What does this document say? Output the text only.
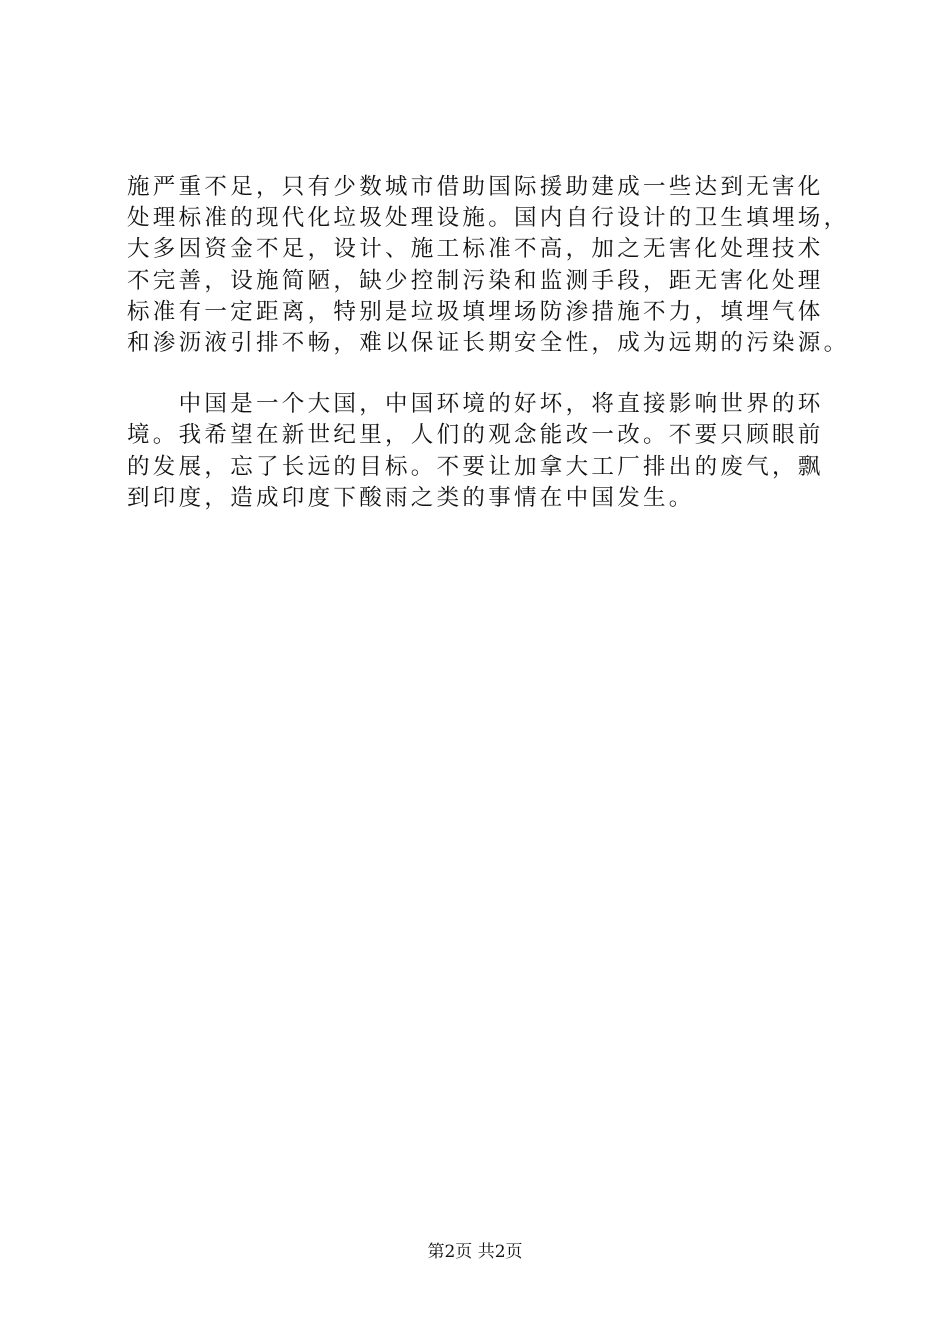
施严重不足，只有少数城市借助国际援助建成一些达到无害化
处理标准的现代化垃圾处理设施。国内自行设计的卫生填埋场，
大多因资金不足，设计、施工标准不高，加之无害化处理技术
不完善，设施简陋，缺少控制污染和监测手段，距无害化处理
标准有一定距离，特别是垃圾填埋场防渗措施不力，填埋气体
和渗沥液引排不畅，难以保证长期安全性，成为远期的污染源。
　　中国是一个大国，中国环境的好坏，将直接影响世界的环
境。我希望在新世纪里，人们的观念能改一改。不要只顾眼前
的发展，忘了长远的目标。不要让加拿大工厂排出的废气，飘
到印度，造成印度下酸雨之类的事情在中国发生。
第2页 共2页
